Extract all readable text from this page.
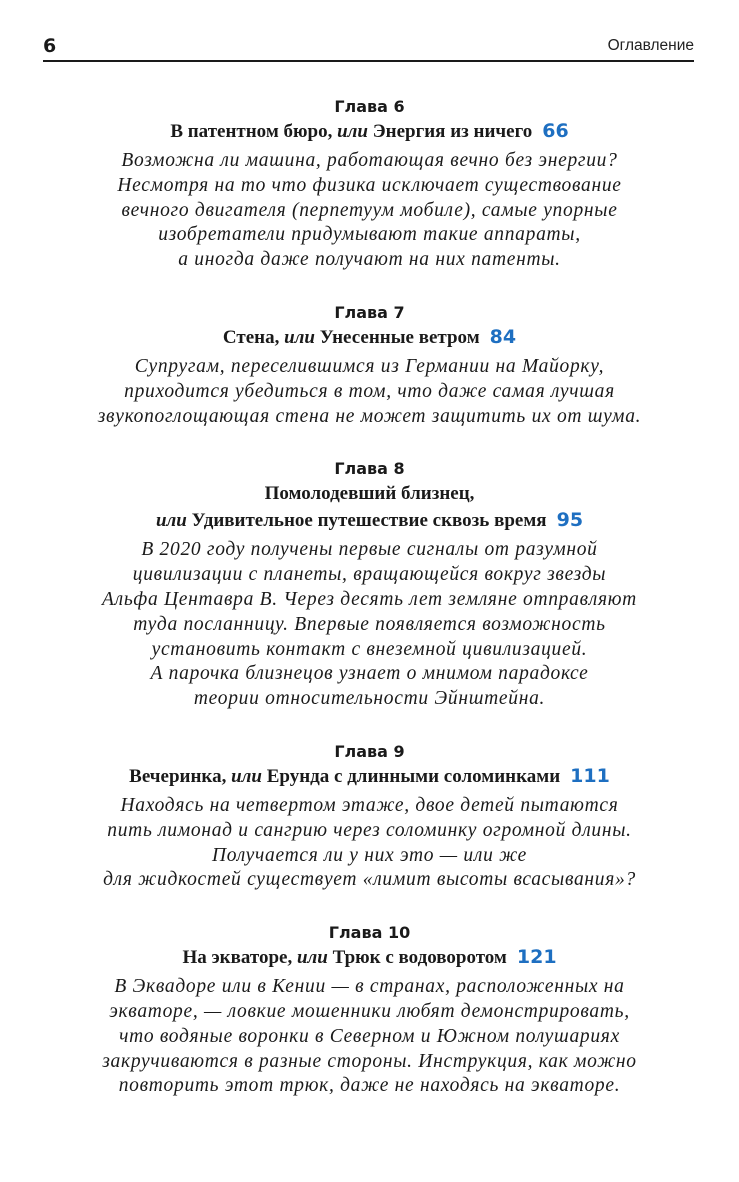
6	Оглавление
Глава 6
В патентном бюро, или Энергия из ничего 66
Возможна ли машина, работающая вечно без энергии?
Несмотря на то что физика исключает существование
вечного двигателя (перпетуум мобиле), самые упорные
изобретатели придумывают такие аппараты,
а иногда даже получают на них патенты.
Глава 7
Стена, или Унесенные ветром 84
Супругам, переселившимся из Германии на Майорку,
приходится убедиться в том, что даже самая лучшая
звукопоглощающая стена не может защитить их от шума.
Глава 8
Помолодевший близнец,
или Удивительное путешествие сквозь время 95
В 2020 году получены первые сигналы от разумной
цивилизации с планеты, вращающейся вокруг звезды
Альфа Центавра B. Через десять лет земляне отправляют
туда посланницу. Впервые появляется возможность
установить контакт с внеземной цивилизацией.
А парочка близнецов узнает о мнимом парадоксе
теории относительности Эйнштейна.
Глава 9
Вечеринка, или Ерунда с длинными соломинками 111
Находясь на четвертом этаже, двое детей пытаются
пить лимонад и сангрию через соломинку огромной длины.
Получается ли у них это — или же
для жидкостей существует «лимит высоты всасывания»?
Глава 10
На экваторе, или Трюк с водоворотом 121
В Эквадоре или в Кении — в странах, расположенных на
экваторе, — ловкие мошенники любят демонстрировать,
что водяные воронки в Северном и Южном полушариях
закручиваются в разные стороны. Инструкция, как можно
повторить этот трюк, даже не находясь на экваторе.
